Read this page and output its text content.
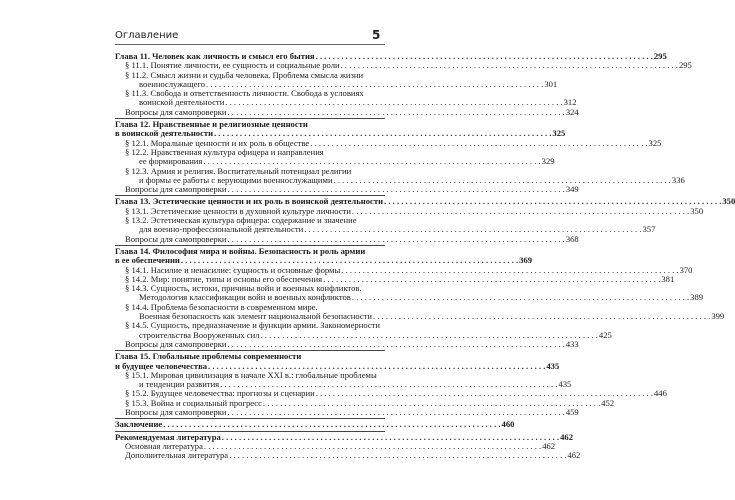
Оглавление	5
Глава 11. Человек как личность и смысл его бытия . . .	295
§ 11.1. Понятие личности, ее сущность и социальные роли . . .	295
§ 11.2. Смысл жизни и судьба человека. Проблема смысла жизни
военнослужащего . . .	301
§ 11.3. Свобода и ответственность личности. Свобода в условиях
воинской деятельности . . .	312
Вопросы для самопроверки . . .	324
Глава 12. Нравственные и религиозные ценности
в воинской деятельности . . .	325
§ 12.1. Моральные ценности и их роль в обществе . . .	325
§ 12.2. Нравственная культура офицера и направления
ее формирования . . .	329
§ 12.3. Армия и религия. Воспитательный потенциал религии
и формы ее работы с верующими военнослужащими . . .	336
Вопросы для самопроверки . . .	349
Глава 13. Эстетические ценности и их роль в воинской деятельности . . .	350
§ 13.1. Эстетические ценности в духовной культуре личности . . .	350
§ 13.2. Эстетическая культура офицера: содержание и значение
для военно-профессиональной деятельности . . .	357
Вопросы для самопроверки . . .	368
Глава 14. Философия мира и войны. Безопасность и роль армии
в ее обеспечении . . .	369
§ 14.1. Насилие и ненасилие: сущность и основные формы . . .	370
§ 14.2. Мир: понятие, типы и основы его обеспечения . . .	381
§ 14.3. Сущность, истоки, причины войн и военных конфликтов.
Методология классификации войн и военных конфликтов . . .	389
§ 14.4. Проблема безопасности в современном мире.
Военная безопасность как элемент национальной безопасности . . .	399
§ 14.5. Сущность, предназначение и функции армии. Закономерности
строительства Вооруженных сил . . .	425
Вопросы для самопроверки . . .	433
Глава 15. Глобальные проблемы современности
и будущее человечества . . .	435
§ 15.1. Мировая цивилизация в начале XXI в.: глобальные проблемы
и тенденции развития . . .	435
§ 15.2. Будущее человечества: прогнозы и сценарии . . .	446
§ 15.3. Война и социальный прогресс . . .	452
Вопросы для самопроверки . . .	459
Заключение . . .	460
Рекомендуемая литература . . .	462
Основная литература . . .	462
Дополнительная литература . . .	462
